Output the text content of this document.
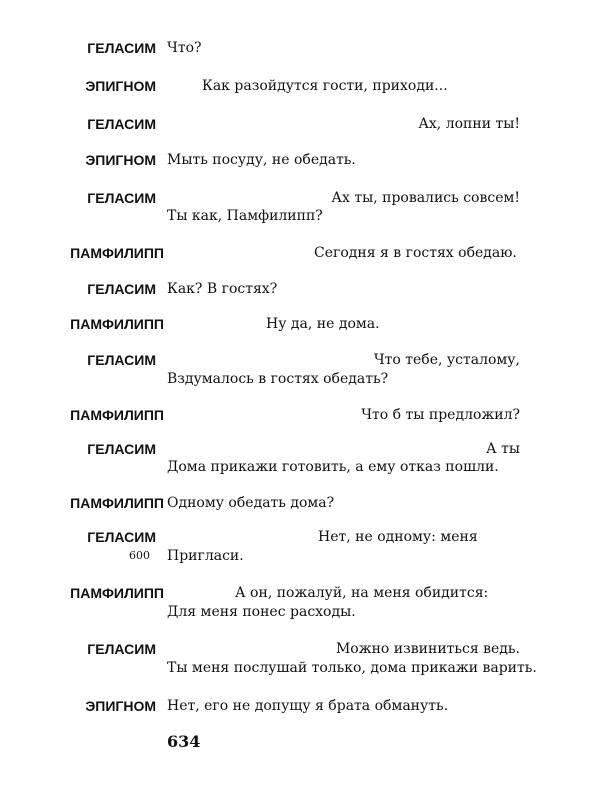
ГЕЛАСИМ Что?
ЭПИГНОМ	Как разойдутся гости, приходи...
ГЕЛАСИМ	Ах, лопни ты!
ЭПИГНОМ Мыть посуду, не обедать.
ГЕЛАСИМ	Ах ты, провались совсем!
Ты как, Памфилипп?
ПАМФИЛИПП	Сегодня я в гостях обедаю.
ГЕЛАСИМ Как? В гостях?
ПАМФИЛИПП	Ну да, не дома.
ГЕЛАСИМ	Что тебе, усталому,
Вздумалось в гостях обедать?
ПАМФИЛИПП	Что б ты предложил?
ГЕЛАСИМ	А ты
Дома прикажи готовить, а ему отказ пошли.
ПАМФИЛИПП Одному обедать дома?
ГЕЛАСИМ	Нет, не одному: меня
600 Пригласи.
ПАМФИЛИПП	А он, пожалуй, на меня обидится:
Для меня понес расходы.
ГЕЛАСИМ	Можно извиниться ведь.
Ты меня послушай только, дома прикажи варить.
ЭПИГНОМ Нет, его не допущу я брата обмануть.
634
